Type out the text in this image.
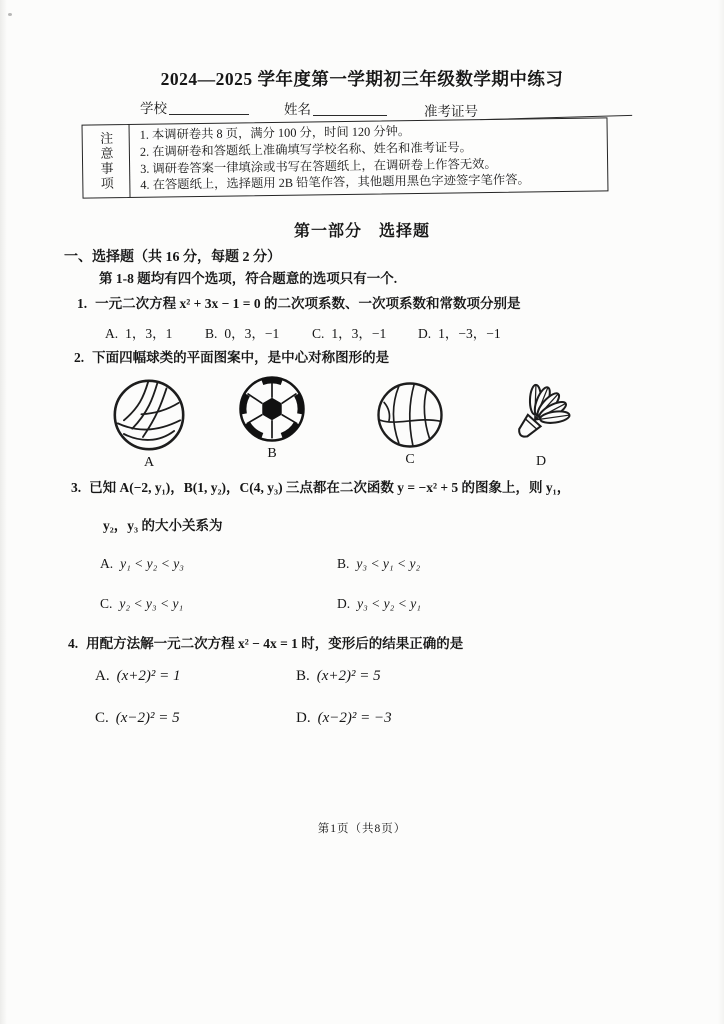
2024—2025 学年度第一学期初三年级数学期中练习
学校	姓名	准考证号
注意事项	1. 本调研卷共 8 页，满分 100 分，时间 120 分钟。
2. 在调研卷和答题纸上准确填写学校名称、姓名和准考证号。
3. 调研卷答案一律填涂或书写在答题纸上，在调研卷上作答无效。
4. 在答题纸上，选择题用 2B 铅笔作答，其他题用黑色字迹签字笔作答。
第一部分　选择题
一、选择题（共 16 分，每题 2 分）
第 1-8 题均有四个选项，符合题意的选项只有一个.
1. 一元二次方程 x² + 3x − 1 = 0 的二次项系数、一次项系数和常数项分别是
A. 1，3，1 B. 0，3，−1 C. 1，3，−1 D. 1，−3，−1
2. 下面四幅球类的平面图案中，是中心对称图形的是
A
B	C	D
3. 已知 A(−2, y₁)，B(1, y₂)，C(4, y₃) 三点都在二次函数 y = −x² + 5 的图象上，则 y₁，
y₂，y₃ 的大小关系为
A. y₁ < y₂ < y₃	B. y₃ < y₁ < y₂
C. y₂ < y₃ < y₁	D. y₃ < y₂ < y₁
4. 用配方法解一元二次方程 x² − 4x = 1 时，变形后的结果正确的是
A. (x+2)² = 1	B. (x+2)² = 5
C. (x−2)² = 5	D. (x−2)² = −3
第1页（共8页）
